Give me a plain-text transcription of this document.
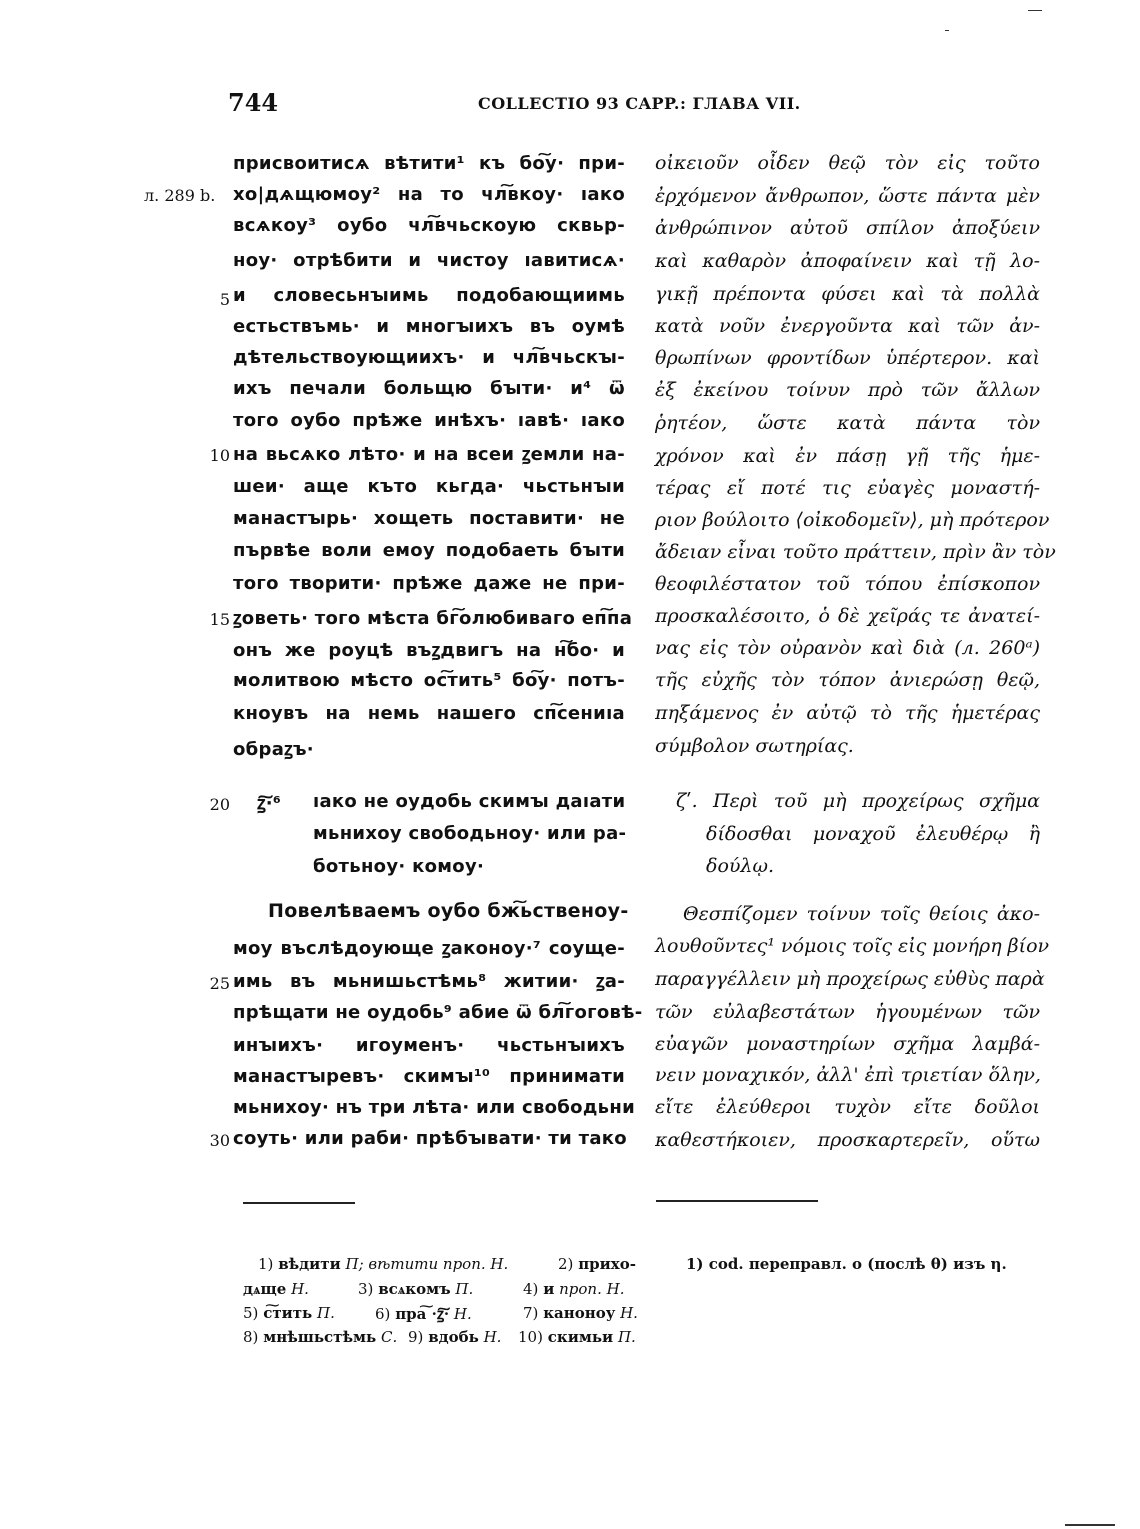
744	COLLECTIO 93 CAPP.: ГЛАВА VII.
л. 289 b.
5
10
15
20
25
30
присвоитисѧ вѣтити¹ къ бо͠у· при-
хо|дѧщюмоу² на то чл͠вкоу· ıако
всѧкоу³ оубо чл͠вчьскоую сквьр-
ноу· отрѣбити и чистоу ıавитисѧ·
и словесьнꙑимь подобающиимь
естьствъмь· и многꙑихъ въ оумѣ
дѣтельствоующиихъ· и чл͠вчьскꙑ-
ихъ печали больщю бꙑти· и⁴ ѿ
того оубо прѣже инѣхъ· ıавѣ· ıако
на вьсѧко лѣто· и на всеи ꙁемли на-
шеи· аще къто кьгда· чьстьнꙑи
манастꙑрь· хощеть поставити· не
първѣе воли емоу подобаеть бꙑти
того творити· прѣже даже не при-
ꙁоветь· того мѣста бг͠олюбиваго еп͠па
онъ же роуцѣ въꙁдвигъ на н͠бо· и
молитвою мѣсто ос͠тить⁵ бо͠у· потъ-
кноувъ на немь нашего сп͠сениıа
обраꙁъ·
ꙁ͠·⁶	ıако не оудобь скимꙑ даıати
мьнихоу свободьноу· или ра-
ботьноу· комоу·
Повелѣваемъ оубо бж͠ьственоу-
моу въслѣдоующе ꙁаконоу·⁷ соуще-
имь въ мьнишьстѣмь⁸ житии· ꙁа-
прѣщати не оудобь⁹ абие ѿ бл͠гоговѣ-
инꙑихъ· игоуменъ· чьстьнꙑихъ
манастꙑревъ· скимꙑ¹⁰ принимати
мьнихоу· нъ три лѣта· или свободьни
соуть· или раби· прѣбꙑвати· ти тако
οἰκειοῦν οἶδεν θεῷ τὸν εἰς τοῦτο
ἐρχόμενον ἄνθρωπον, ὥστε πάντα μὲν
ἀνθρώπινον αὐτοῦ σπίλον ἀποξύειν
καὶ καθαρὸν ἀποφαίνειν καὶ τῇ λο-
γικῇ πρέποντα φύσει καὶ τὰ πολλὰ
κατὰ νοῦν ἐνεργοῦντα καὶ τῶν ἀν-
θρωπίνων φροντίδων ὑπέρτερον. καὶ
ἐξ ἐκείνου τοίνυν πρὸ τῶν ἄλλων
ῥητέον, ὥστε κατὰ πάντα τὸν
χρόνον καὶ ἐν πάσῃ γῇ τῆς ἡμε-
τέρας εἴ ποτέ τις εὐαγὲς μοναστή-
ριον βούλοιτο ⟨οἰκοδομεῖν⟩, μὴ πρότερον
ἄδειαν εἶναι τοῦτο πράττειν, πρὶν ἂν τὸν
θεοφιλέστατον τοῦ τόπου ἐπίσκοπον
προσκαλέσοιτο, ὁ δὲ χεῖράς τε ἀνατεί-
νας εἰς τὸν οὐρανὸν καὶ διὰ (л. 260ᵃ)
τῆς εὐχῆς τὸν τόπον ἀνιερώσῃ θεῷ,
πηξάμενος ἐν αὐτῷ τὸ τῆς ἡμετέρας
σύμβολον σωτηρίας.
ζʹ. Περὶ τοῦ μὴ προχείρως σχῆμα
δίδοσθαι μοναχοῦ ἐλευθέρῳ ἢ
δούλῳ.
Θεσπίζομεν τοίνυν τοῖς θείοις ἀκο-
λουθοῦντες¹ νόμοις τοῖς εἰς μονήρη βίον
παραγγέλλειν μὴ προχείρως εὐθὺς παρὰ
τῶν εὐλαβεστάτων ἡγουμένων τῶν
εὐαγῶν μοναστηρίων σχῆμα λαμβά-
νειν μοναχικόν, ἀλλ' ἐπὶ τριετίαν ὅλην,
εἴτε ἐλεύθεροι τυχὸν εἴτε δοῦλοι
καθεστήκοιεν, προσκαρτερεῖν, οὕτω
1) вѣдити П; вѣтити проп. Н.	2) прихо-
дѧще Н.	3) всѧкомъ П.	4) и проп. Н.
5) с͠тить П.	6) пра͠ ·ꙁ͠· Н.	7) каноноу Н.
8) мнѣшьстѣмь С. 9) вдобь Н. 10) скимьи П.
1) cod. переправл. ο (послѣ θ) изъ η.
